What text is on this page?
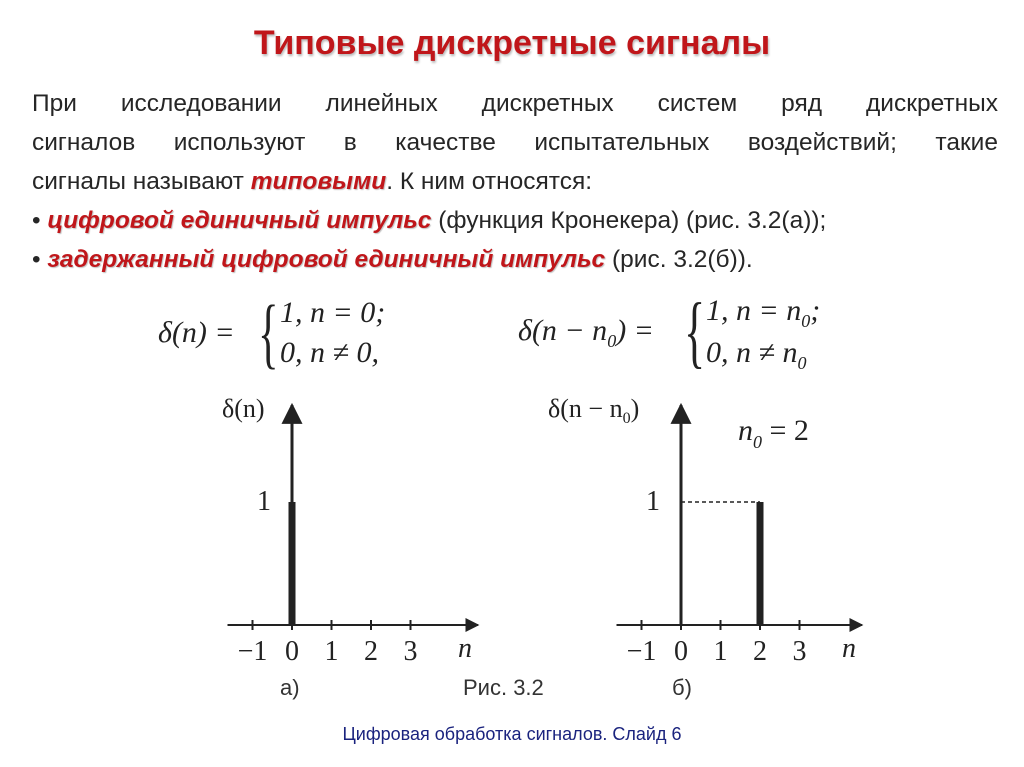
Типовые дискретные сигналы
При исследовании линейных дискретных систем ряд дискретных
сигналов используют в качестве испытательных воздействий; такие
сигналы называют типовыми. К ним относятся:
• цифровой единичный импульс (функция Кронекера) (рис. 3.2(а));
• задержанный цифровой единичный импульс (рис. 3.2(б)).
δ(n) = { 1, n = 0;
0, n ≠ 0,
$\delta(n - n_0)$ = { 1, $n = n_0$;
0, $n \ne n_0$
−1 0 1 2 3 n
1
δ(n)
−1 0 1 2 3 n
1
$\delta(n - n_0)$
$n_0 = 2$
а)	Рис. 3.2	б)
Цифровая обработка сигналов. Слайд 6
